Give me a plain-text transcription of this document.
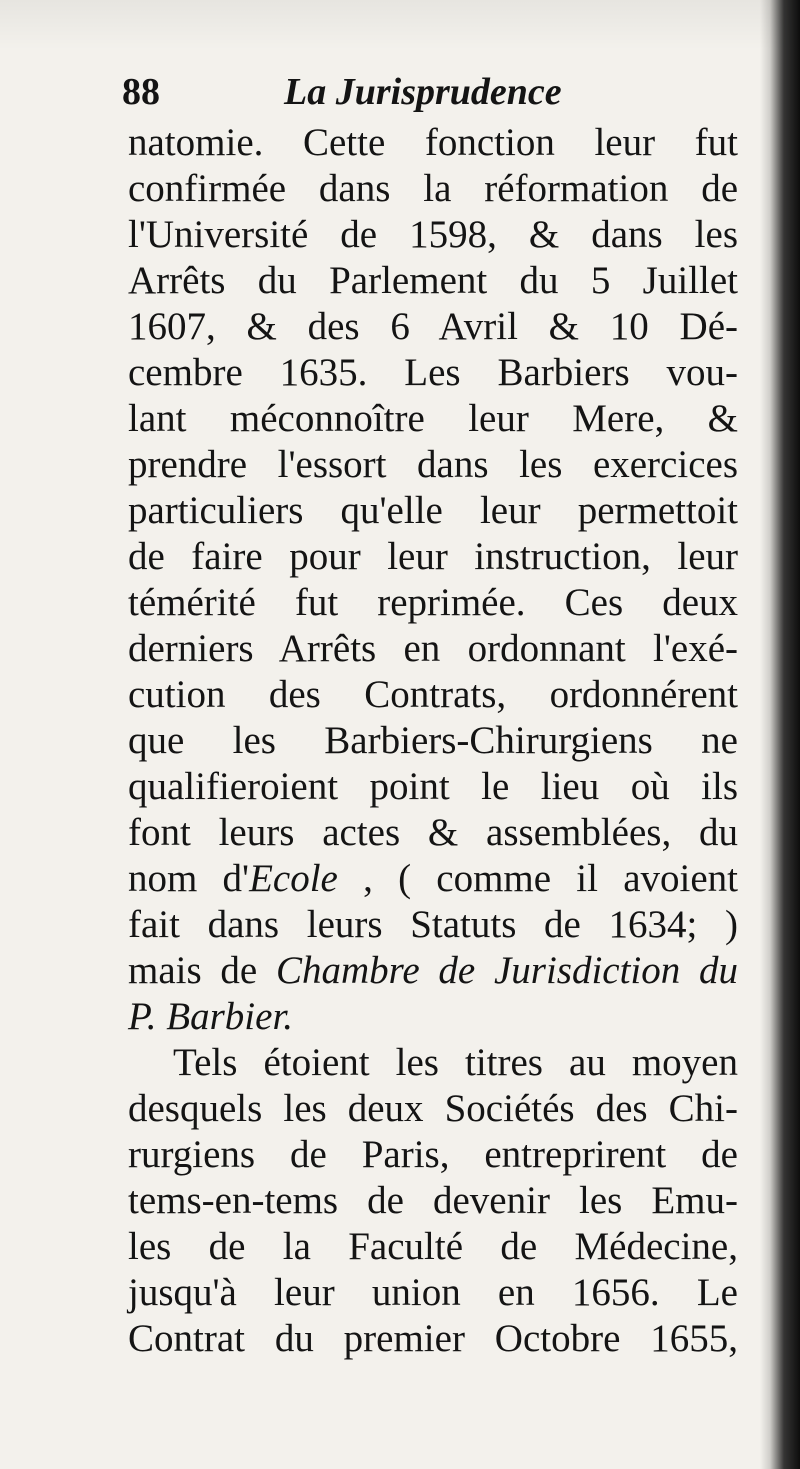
88	La Jurisprudence
natomie. Cette fonction leur fut
confirmée dans la réformation de
l'Université de 1598, & dans les
Arrêts du Parlement du 5 Juillet
1607, & des 6 Avril & 10 Dé-
cembre 1635. Les Barbiers vou-
lant méconnoître leur Mere, &
prendre l'essort dans les exercices
particuliers qu'elle leur permettoit
de faire pour leur instruction, leur
témérité fut reprimée. Ces deux
derniers Arrêts en ordonnant l'exé-
cution des Contrats, ordonnérent
que les Barbiers-Chirurgiens ne
qualifieroient point le lieu où ils
font leurs actes & assemblées, du
nom d'Ecole , ( comme il avoient
fait dans leurs Statuts de 1634; )
mais de Chambre de Jurisdiction du
P. Barbier.
Tels étoient les titres au moyen
desquels les deux Sociétés des Chi-
rurgiens de Paris, entreprirent de
tems-en-tems de devenir les Emu-
les de la Faculté de Médecine,
jusqu'à leur union en 1656. Le
Contrat du premier Octobre 1655,
